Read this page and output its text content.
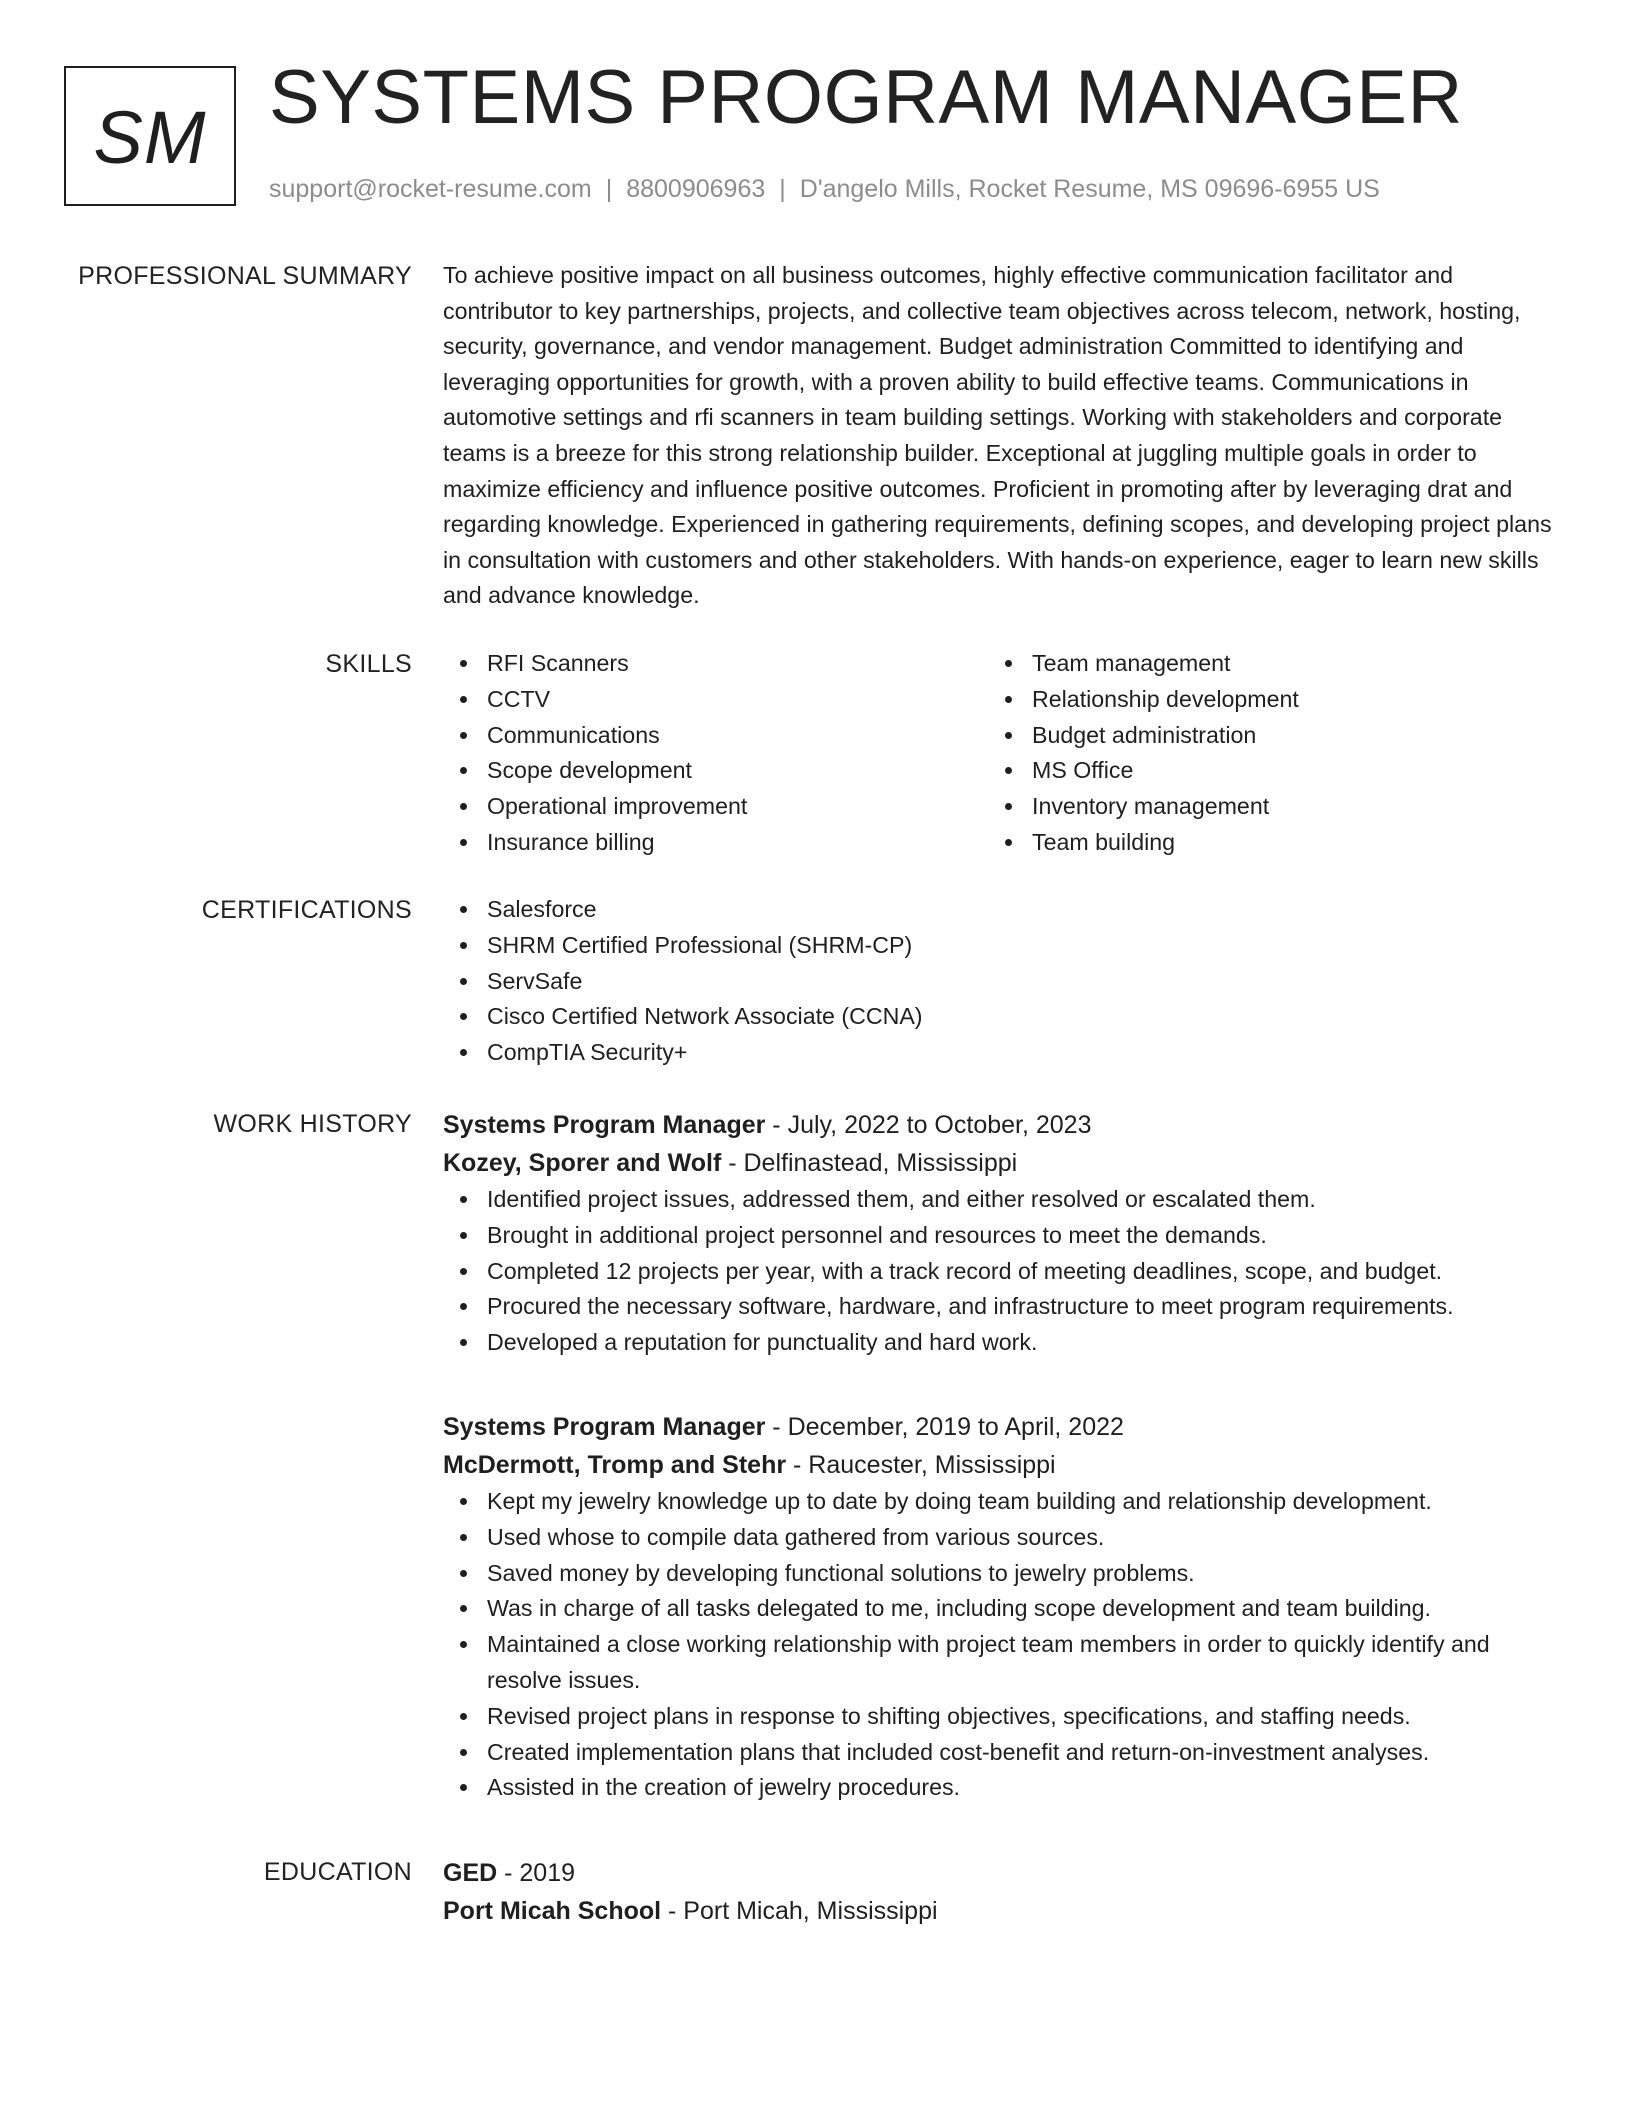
SM SYSTEMS PROGRAM MANAGER
support@rocket-resume.com | 8800906963 | D'angelo Mills, Rocket Resume, MS 09696-6955 US
PROFESSIONAL SUMMARY To achieve positive impact on all business outcomes, highly effective communication facilitator and contributor to key partnerships, projects, and collective team objectives across telecom, network, hosting, security, governance, and vendor management. Budget administration Committed to identifying and leveraging opportunities for growth, with a proven ability to build effective teams. Communications in automotive settings and rfi scanners in team building settings. Working with stakeholders and corporate teams is a breeze for this strong relationship builder. Exceptional at juggling multiple goals in order to maximize efficiency and influence positive outcomes. Proficient in promoting after by leveraging drat and regarding knowledge. Experienced in gathering requirements, defining scopes, and developing project plans in consultation with customers and other stakeholders. With hands-on experience, eager to learn new skills and advance knowledge.

SKILLS	RFI Scanners
CCTV
Communications
Scope development
Operational improvement
Insurance billing
Team management
Relationship development
Budget administration
MS Office
Inventory management
Team building
CERTIFICATIONS	Salesforce
SHRM Certified Professional (SHRM-CP)
ServSafe
Cisco Certified Network Associate (CCNA)
CompTIA Security+
WORK HISTORY Systems Program Manager - July, 2022 to October, 2023
Kozey, Sporer and Wolf - Delfinastead, Mississippi
Identified project issues, addressed them, and either resolved or escalated them.
Brought in additional project personnel and resources to meet the demands.
Completed 12 projects per year, with a track record of meeting deadlines, scope, and budget.
Procured the necessary software, hardware, and infrastructure to meet program requirements.
Developed a reputation for punctuality and hard work.
Systems Program Manager - December, 2019 to April, 2022
McDermott, Tromp and Stehr - Raucester, Mississippi
Kept my jewelry knowledge up to date by doing team building and relationship development.
Used whose to compile data gathered from various sources.
Saved money by developing functional solutions to jewelry problems.
Was in charge of all tasks delegated to me, including scope development and team building.
Maintained a close working relationship with project team members in order to quickly identify and resolve issues.
Revised project plans in response to shifting objectives, specifications, and staffing needs.
Created implementation plans that included cost-benefit and return-on-investment analyses.
Assisted in the creation of jewelry procedures.
EDUCATION GED - 2019
Port Micah School - Port Micah, Mississippi
